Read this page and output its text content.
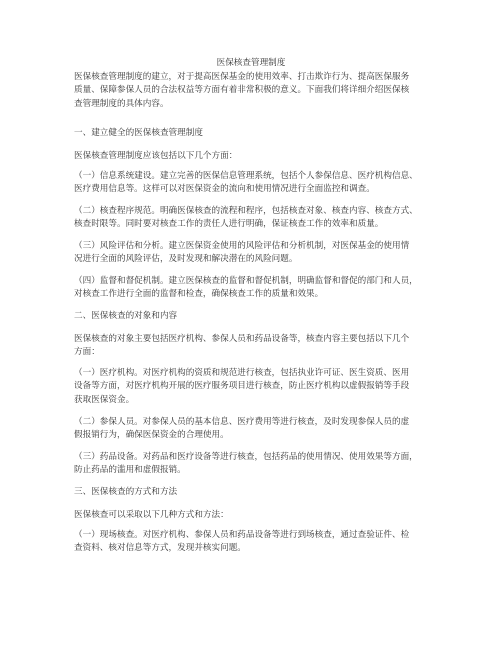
医保核查管理制度

医保核查管理制度的建立，对于提高医保基金的使用效率、打击欺诈行为、提高医保服务
质量、保障参保人员的合法权益等方面有着非常积极的意义。下面我们将详细介绍医保核
查管理制度的具体内容。

一、建立健全的医保核查管理制度

医保核查管理制度应该包括以下几个方面：

（一）信息系统建设。建立完善的医保信息管理系统，包括个人参保信息、医疗机构信息、
医疗费用信息等。这样可以对医保资金的流向和使用情况进行全面监控和调查。

（二）核查程序规范。明确医保核查的流程和程序，包括核查对象、核查内容、核查方式、
核查时限等。同时要对核查工作的责任人进行明确，保证核查工作的效率和质量。

（三）风险评估和分析。建立医保资金使用的风险评估和分析机制，对医保基金的使用情
况进行全面的风险评估，及时发现和解决潜在的风险问题。

（四）监督和督促机制。建立医保核查的监督和督促机制，明确监督和督促的部门和人员，
对核查工作进行全面的监督和检查，确保核查工作的质量和效果。

二、医保核查的对象和内容

医保核查的对象主要包括医疗机构、参保人员和药品设备等，核查内容主要包括以下几个
方面：

（一）医疗机构。对医疗机构的资质和规范进行核查，包括执业许可证、医生资质、医用
设备等方面，对医疗机构开展的医疗服务项目进行核查，防止医疗机构以虚假报销等手段
获取医保资金。

（二）参保人员。对参保人员的基本信息、医疗费用等进行核查，及时发现参保人员的虚
假报销行为，确保医保资金的合理使用。

（三）药品设备。对药品和医疗设备等进行核查，包括药品的使用情况、使用效果等方面，
防止药品的滥用和虚假报销。

三、医保核查的方式和方法

医保核查可以采取以下几种方式和方法：

（一）现场核查。对医疗机构、参保人员和药品设备等进行到场核查，通过查验证件、检
查资料、核对信息等方式，发现并核实问题。
